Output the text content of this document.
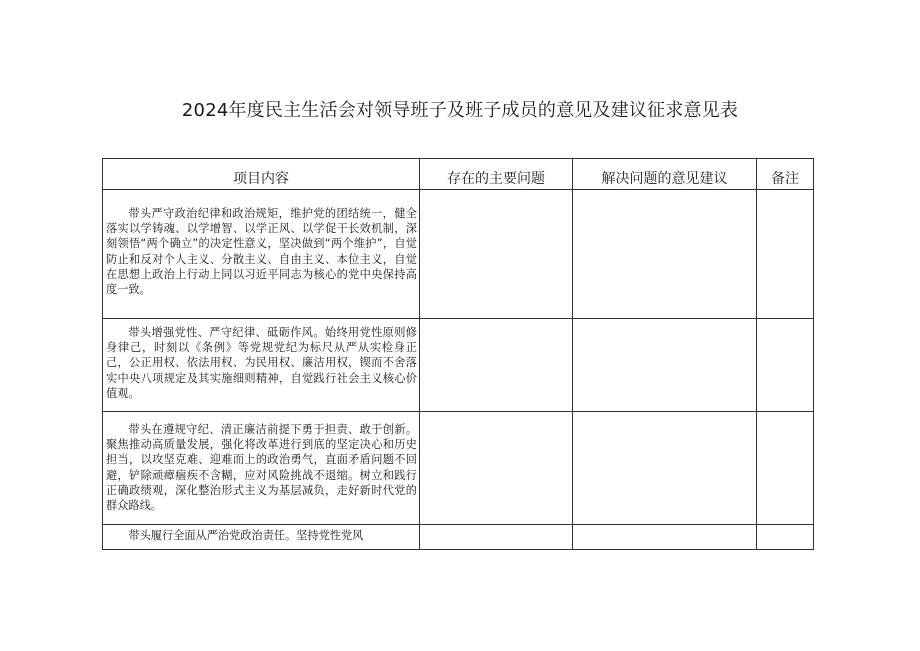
2024年度民主生活会对领导班子及班子成员的意见及建议征求意见表
项目内容	存在的主要问题	解决问题的意见建议	备注

带头严守政治纪律和政治规矩，维护党的团结统一，健全落实以学铸魂、以学增智、以学正风、以学促干长效机制，深刻领悟“两个确立”的决定性意义，坚决做到“两个维护”，自觉防止和反对个人主义、分散主义、自由主义、本位主义，自觉在思想上政治上行动上同以习近平同志为核心的党中央保持高度一致。			

带头增强党性、严守纪律、砥砺作风。始终用党性原则修身律己，时刻以《条例》等党规党纪为标尺从严从实检身正己，公正用权、依法用权、为民用权、廉洁用权，锲而不舍落实中央八项规定及其实施细则精神，自觉践行社会主义核心价值观。			

带头在遵规守纪、清正廉洁前提下勇于担责、敢于创新。聚焦推动高质量发展，强化将改革进行到底的坚定决心和历史担当，以攻坚克难、迎难而上的政治勇气，直面矛盾问题不回避，铲除顽瘴痼疾不含糊，应对风险挑战不退缩。树立和践行正确政绩观，深化整治形式主义为基层减负，走好新时代党的群众路线。			

带头履行全面从严治党政治责任。坚持党性党风			
